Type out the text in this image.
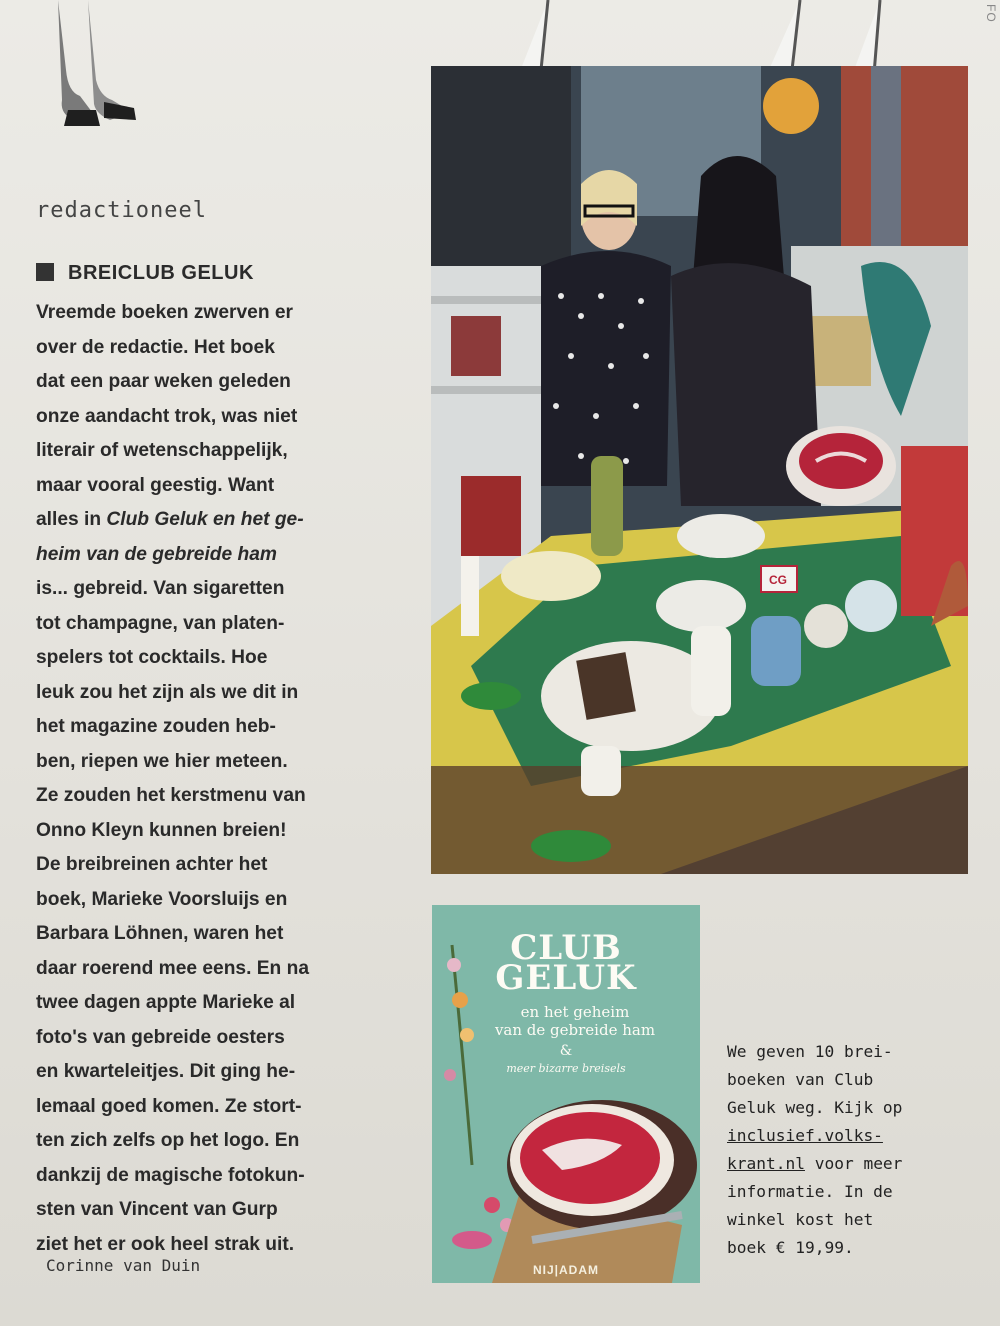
FO
redactioneel
BREICLUB GELUK

Vreemde boeken zwerven er

over de redactie. Het boek

dat een paar weken geleden

onze aandacht trok, was niet

literair of wetenschappelijk,

maar vooral geestig. Want

alles in Club Geluk en het ge-

heim van de gebreide ham

is... gebreid. Van sigaretten

tot champagne, van platen-

spelers tot cocktails. Hoe

leuk zou het zijn als we dit in

het magazine zouden heb-

ben, riepen we hier meteen.

Ze zouden het kerstmenu van

Onno Kleyn kunnen breien!

De breibreinen achter het

boek, Marieke Voorsluijs en

Barbara Löhnen, waren het

daar roerend mee eens. En na

twee dagen appte Marieke al

foto's van gebreide oesters

en kwarteleitjes. Dit ging he-

lemaal goed komen. Ze stort-

ten zich zelfs op het logo. En

dankzij de magische fotokun-

sten van Vincent van Gurp

ziet het er ook heel strak uit.

Corinne van Duin
CG
CLUB
GELUK
en het geheim
van de gebreide ham
&
meer bizarre breisels
NIJ|ADAM

We geven 10 brei-

boeken van Club

Geluk weg. Kijk op

inclusief.volks-

krant.nl voor meer

informatie. In de

winkel kost het

boek € 19,99.
